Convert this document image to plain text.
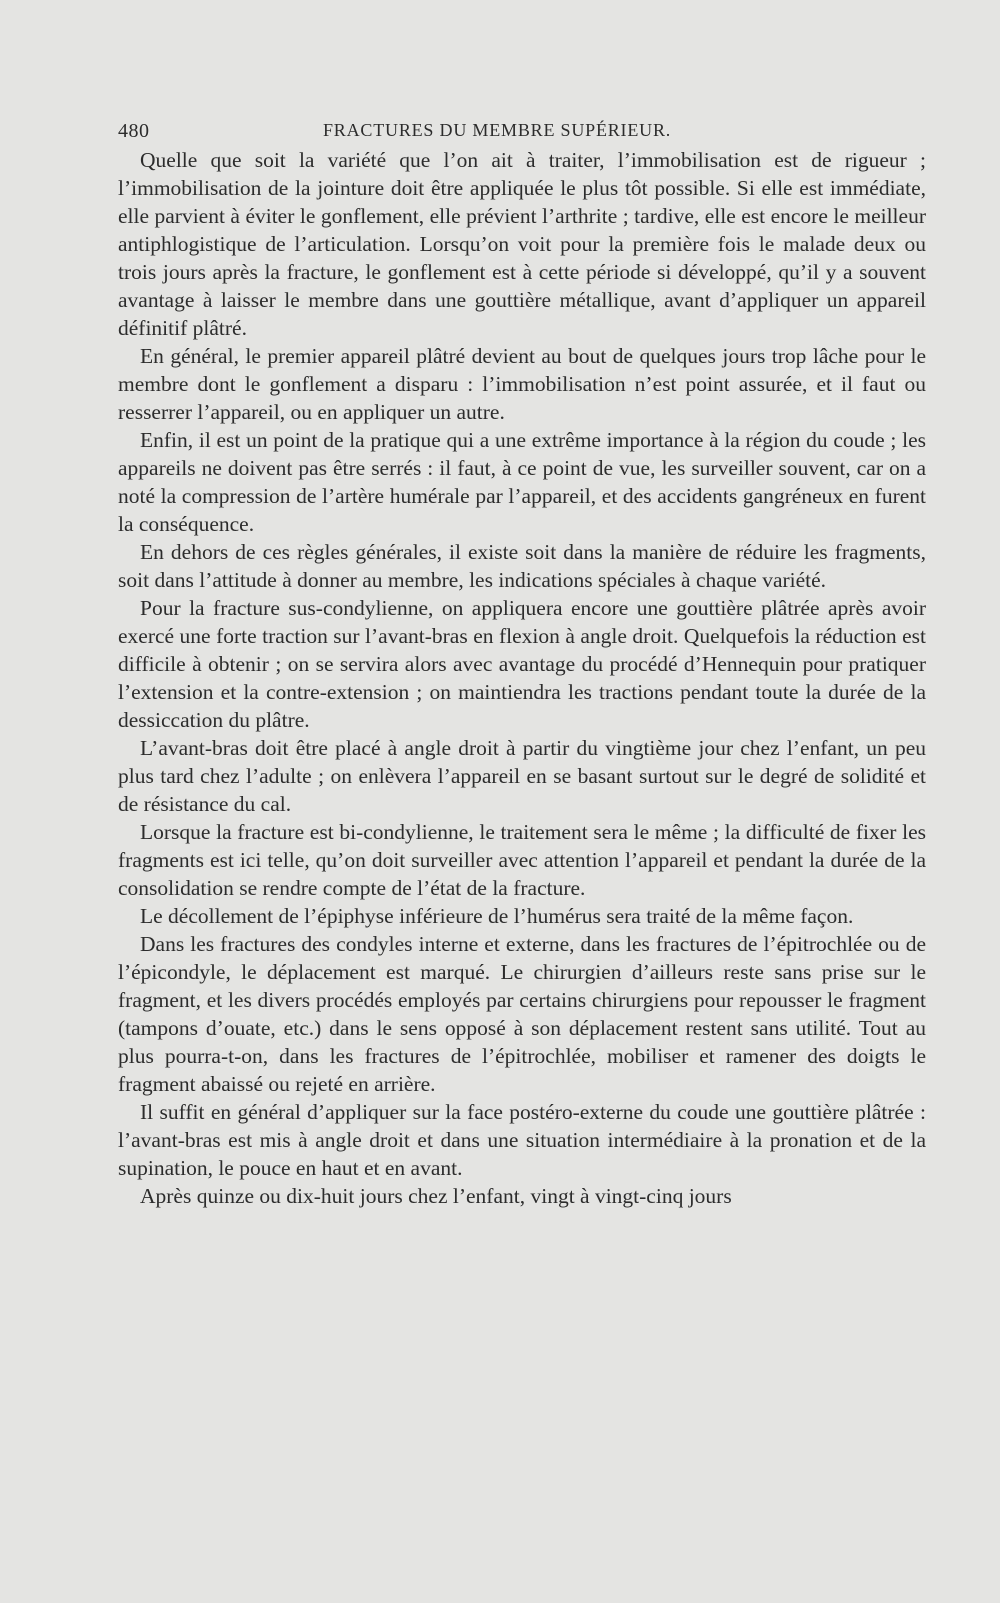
480	FRACTURES DU MEMBRE SUPÉRIEUR.

Quelle que soit la variété que l’on ait à traiter, l’immobilisation est de rigueur ; l’immobilisation de la jointure doit être appliquée le plus tôt possible. Si elle est immédiate, elle parvient à éviter le gonflement, elle prévient l’arthrite ; tardive, elle est encore le meilleur antiphlogistique de l’articulation. Lorsqu’on voit pour la première fois le malade deux ou trois jours après la fracture, le gonflement est à cette période si développé, qu’il y a souvent avantage à laisser le membre dans une gouttière métallique, avant d’appliquer un appareil définitif plâtré.

En général, le premier appareil plâtré devient au bout de quelques jours trop lâche pour le membre dont le gonflement a disparu : l’immobilisation n’est point assurée, et il faut ou resserrer l’appareil, ou en appliquer un autre.

Enfin, il est un point de la pratique qui a une extrême importance à la région du coude ; les appareils ne doivent pas être serrés : il faut, à ce point de vue, les surveiller souvent, car on a noté la compression de l’artère humérale par l’appareil, et des accidents gangréneux en furent la conséquence.

En dehors de ces règles générales, il existe soit dans la manière de réduire les fragments, soit dans l’attitude à donner au membre, les indications spéciales à chaque variété.

Pour la fracture sus-condylienne, on appliquera encore une gouttière plâtrée après avoir exercé une forte traction sur l’avant-bras en flexion à angle droit. Quelquefois la réduction est difficile à obtenir ; on se servira alors avec avantage du procédé d’Hennequin pour pratiquer l’extension et la contre-extension ; on maintiendra les tractions pendant toute la durée de la dessiccation du plâtre.

L’avant-bras doit être placé à angle droit à partir du vingtième jour chez l’enfant, un peu plus tard chez l’adulte ; on enlèvera l’appareil en se basant surtout sur le degré de solidité et de résistance du cal.

Lorsque la fracture est bi-condylienne, le traitement sera le même ; la difficulté de fixer les fragments est ici telle, qu’on doit surveiller avec attention l’appareil et pendant la durée de la consolidation se rendre compte de l’état de la fracture.

Le décollement de l’épiphyse inférieure de l’humérus sera traité de la même façon.

Dans les fractures des condyles interne et externe, dans les fractures de l’épitrochlée ou de l’épicondyle, le déplacement est marqué. Le chirurgien d’ailleurs reste sans prise sur le fragment, et les divers procédés employés par certains chirurgiens pour repousser le fragment (tampons d’ouate, etc.) dans le sens opposé à son déplacement restent sans utilité. Tout au plus pourra-t-on, dans les fractures de l’épitrochlée, mobiliser et ramener des doigts le fragment abaissé ou rejeté en arrière.

Il suffit en général d’appliquer sur la face postéro-externe du coude une gouttière plâtrée : l’avant-bras est mis à angle droit et dans une situation intermédiaire à la pronation et de la supination, le pouce en haut et en avant.

Après quinze ou dix-huit jours chez l’enfant, vingt à vingt-cinq jours
